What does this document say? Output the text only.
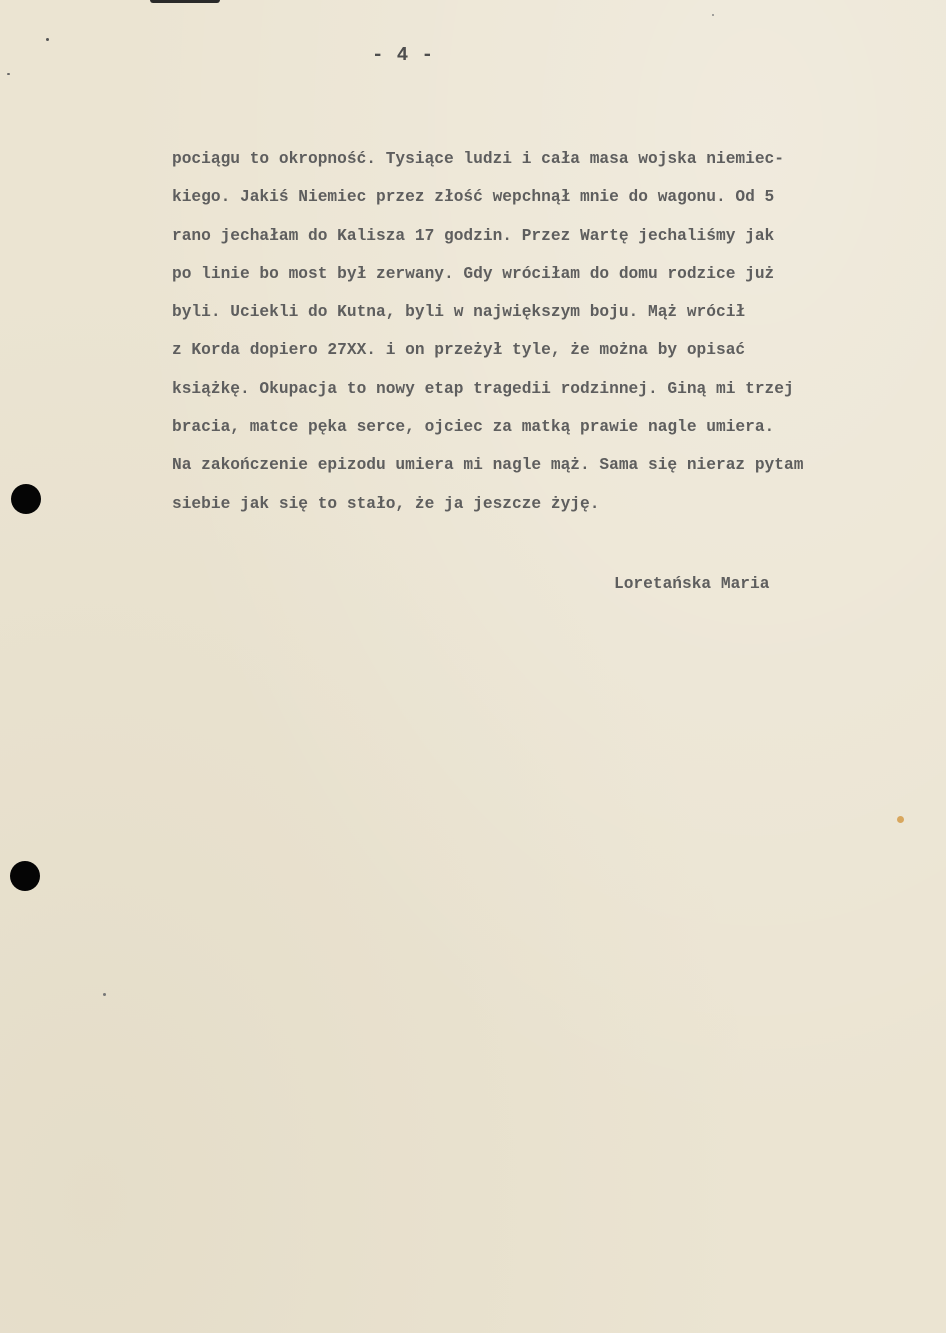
- 4 -
pociągu to okropność. Tysiące ludzi i cała masa wojska niemiec-
kiego. Jakiś Niemiec przez złość wepchnął mnie do wagonu. Od 5
rano jechałam do Kalisza 17 godzin. Przez Wartę jechaliśmy jak
po linie bo most był zerwany. Gdy wróciłam do domu rodzice już
byli. Uciekli do Kutna, byli w największym boju. Mąż wrócił
z Korda dopiero 27XX. i on przeżył tyle, że można by opisać
książkę. Okupacja to nowy etap tragedii rodzinnej. Giną mi trzej
bracia, matce pęka serce, ojciec za matką prawie nagle umiera.
Na zakończenie epizodu umiera mi nagle mąż. Sama się nieraz pytam
siebie jak się to stało, że ja jeszcze żyję.
Loretańska Maria
